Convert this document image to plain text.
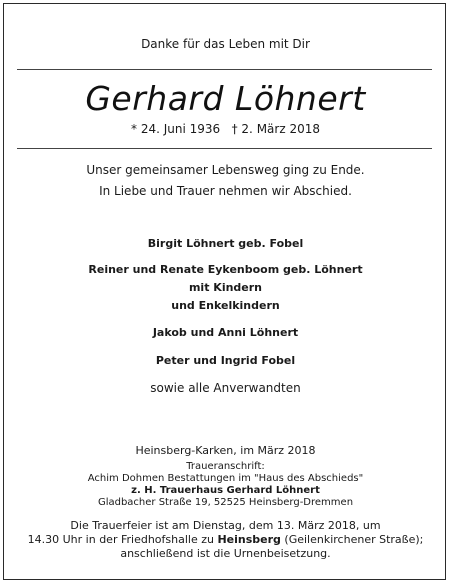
Danke für das Leben mit Dir
Gerhard Löhnert
* 24. Juni 1936 † 2. März 2018
Unser gemeinsamer Lebensweg ging zu Ende.
In Liebe und Trauer nehmen wir Abschied.
Birgit Löhnert geb. Fobel
Reiner und Renate Eykenboom geb. Löhnert
mit Kindern
und Enkelkindern
Jakob und Anni Löhnert
Peter und Ingrid Fobel
sowie alle Anverwandten
Heinsberg-Karken, im März 2018
Traueranschrift:
Achim Dohmen Bestattungen im "Haus des Abschieds"
z. H. Trauerhaus Gerhard Löhnert
Gladbacher Straße 19, 52525 Heinsberg-Dremmen
Die Trauerfeier ist am Dienstag, dem 13. März 2018, um
14.30 Uhr in der Friedhofshalle zu Heinsberg (Geilenkirchener Straße);
anschließend ist die Urnenbeisetzung.
